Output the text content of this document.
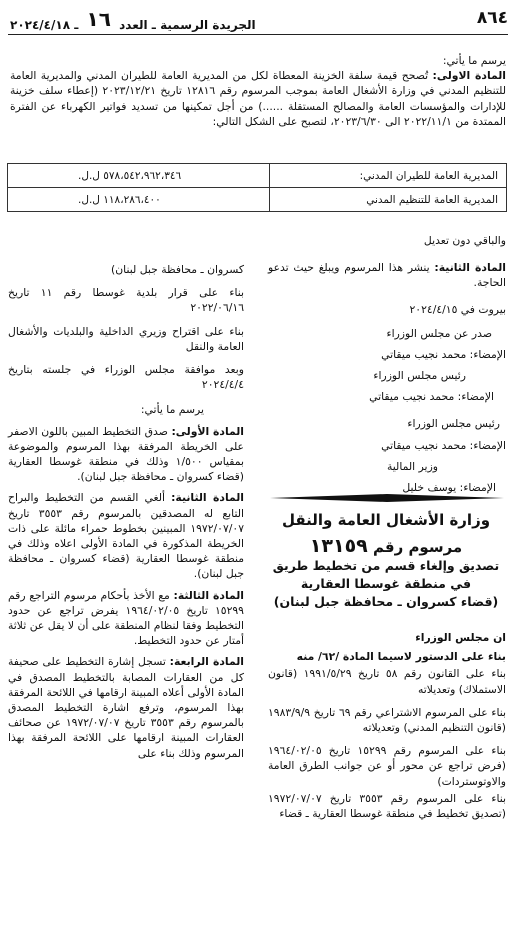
٨٦٤
الجريدة الرسمية ـ العدد ١٦ ـ ٢٠٢٤/٤/١٨
يرسم ما يأتي:
المادة الاولى: تُصحح قيمة سلفة الخزينة المعطاة لكل من المديرية العامة للطيران المدني والمديرية العامة للتنظيم المدني في وزارة الأشغال العامة بموجب المرسوم رقم ١٢٨١٦ تاريخ ٢٠٢٣/١٢/٢١ (إعطاء سلف خزينة للإدارات والمؤسسات العامة والمصالح المستقلة ......) من أجل تمكينها من تسديد فواتير الكهرباء عن الفترة الممتدة من ٢٠٢٢/١١/١ الى ٢٠٢٣/٦/٣٠، لتصبح على الشكل التالي:
المديرية العامة للطيران المدني:	٥٧٨،٥٤٢،٩٦٢،٣٤٦ ل.ل.
المديرية العامة للتنظيم المدني	١١٨،٢٨٦،٤٠٠ ل.ل.
والباقي دون تعديل
المادة الثانية: ينشر هذا المرسوم ويبلغ حيث تدعو الحاجة.
بيروت في ٢٠٢٤/٤/١٥
صدر عن مجلس الوزراء
الإمضاء: محمد نجيب ميقاتي
رئيس مجلس الوزراء
الإمضاء: محمد نجيب ميقاتي
رئيس مجلس الوزراء
الإمضاء: محمد نجيب ميقاتي
وزير المالية
الإمضاء: يوسف خليل
وزارة الأشغال العامة والنقل
مرسوم رقم ١٣١٥٩
تصديق وإلغاء قسم من تخطيط طريق
في منطقة غوسطا العقارية
(قضاء كسروان ـ محافظة جبل لبنان)
ان مجلس الوزراء
بناء على الدستور لاسيما المادة /٦٢/ منه
بناء على القانون رقم ٥٨ تاريخ ١٩٩١/٥/٢٩ (قانون الاستملاك) وتعديلاته
بناء على المرسوم الاشتراعي رقم ٦٩ تاريخ ١٩٨٣/٩/٩ (قانون التنظيم المدني) وتعديلاته
بناء على المرسوم رقم ١٥٢٩٩ تاريخ ١٩٦٤/٠٢/٠٥ (فرض تراجع عن محور أو عن جوانب الطرق العامة والاوتوستردات)
بناء على المرسوم رقم ٣٥٥٣ تاريخ ١٩٧٢/٠٧/٠٧ (تصديق تخطيط في منطقة غوسطا العقارية ـ قضاء
كسروان ـ محافظة جبل لبنان)
بناء على قرار بلدية غوسطا رقم ١١ تاريخ ٢٠٢٢/٠٦/١٦
بناء على اقتراح وزيري الداخلية والبلديات والأشغال العامة والنقل
وبعد موافقة مجلس الوزراء في جلسته بتاريخ ٢٠٢٤/٤/٤
يرسم ما يأتي:
المادة الأولى: صدق التخطيط المبين باللون الاصفر على الخريطة المرفقة بهذا المرسوم والموضوعة بمقياس ١/٥٠٠ وذلك في منطقة غوسطا العقارية (قضاء كسروان ـ محافظة جبل لبنان).
المادة الثانية: ألغي القسم من التخطيط والبراح التابع له المصدقين بالمرسوم رقم ٣٥٥٣ تاريخ ١٩٧٢/٠٧/٠٧ المبينين بخطوط حمراء مائلة على ذات الخريطة المذكورة في المادة الأولى اعلاه وذلك في منطقة غوسطا العقارية (قضاء كسروان ـ محافظة جبل لبنان).
المادة الثالثة: مع الأخذ بأحكام مرسوم التراجع رقم ١٥٢٩٩ تاريخ ١٩٦٤/٠٢/٠٥ يفرض تراجع عن حدود التخطيط وفقا لنظام المنطقة على أن لا يقل عن ثلاثة أمتار عن حدود التخطيط.
المادة الرابعة: تسجل إشارة التخطيط على صحيفة كل من العقارات المصابة بالتخطيط المصدق في المادة الأولى أعلاه المبينة ارقامها في اللائحة المرفقة بهذا المرسوم، وترفع اشارة التخطيط المصدق بالمرسوم رقم ٣٥٥٣ تاريخ ١٩٧٢/٠٧/٠٧ عن صحائف العقارات المبينة ارقامها على اللائحة المرفقة بهذا المرسوم وذلك بناء على
